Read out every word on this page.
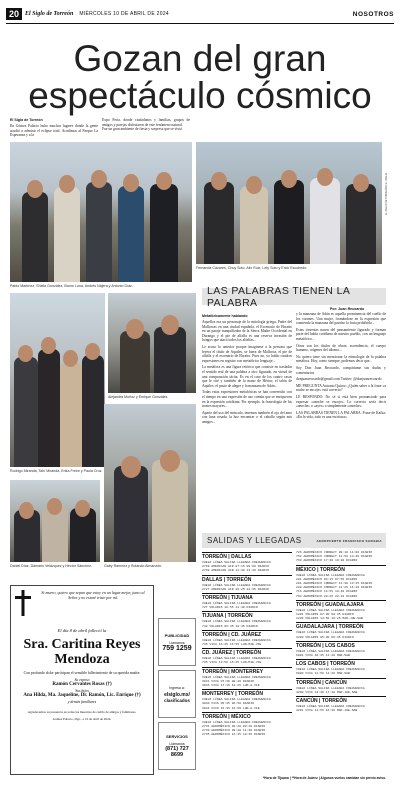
20	El Siglo de Torreón MIÉRCOLES 10 DE ABRIL DE 2024	NOSOTROS
Gozan del gran espectáculo cósmico
El Siglo de Torreón
En Gómez Palacio hubo muchos lugares donde la gente acudió a admirar el eclipse total. Acudimos al Parque La Esperanza y a la
Expo Feria, donde ciudadanos y familias, grupos de amigos y parejas disfrutaron de este fenómeno natural.
Fue un gran ambiente de fiesta y sorpresa que se vivió.
Pablo Martínez, Sheila González, Bruno Luna, Andrés Nájera y Antonio Díaz.
Fernanda Cázares, Chuy Soto, Alix Ruiz, Lety Soto y Erick Escobedo.
EL SIGLO DE TORREÓN / EL SIGLO
Rodrigo Miranda, Tahí Miranda, Erika Freire y Paola Cruz.
Alejandra Muñoz y Enrique González.
Daniel Díaz, Dámaris Velázquez y Héctor Sánchez.	Gaby Ramírez y Rolando Almanzón.
LAS PALABRAS TIENEN LA PALABRA
Por: Juan Recoardo
Metafóricamente hablando

Aquellos era un personaje de la mitología griega. Padre del Mallorcas en una ciudad española, el Escenario de Ebratto en un paraje tranquilizaba de la Sierra Madre Occidental en Durango y el pie de alfalfa es una reserva invasión de hongos que atacó todos los alfalfas...

Le acuso lo anterior porque imaginese a la persona que leyera el título de Aquiles, se fuera de Mallorca, el pie de alfalfa y el escenario de Ebratto. Pues no, yo hablo cuadros expresiones en registro con metafórico lenguaje...

La metáfora es una figura retórica que consiste en trasladar el sentido real de una palabra a otro figurado, en virtud de una comparación tácita. Es en el caso de los cuatro casos que le cité y también de la mano de Héctor, el talón de Aquiles: el pasto de alegre y la manzana de Adán...

Todas estas expresiones metafóricas se han convertido con el tiempo en una expresión de uso común que se enriquecen en la expresión cotidiana. Por ejemplo, la fraseología de los trastes mayores...

Aparte del uso del músculo, tenemos también el ojo del amo con luna rosada, la hoz encontrar o el caballo según mis amigos...

y la manzana de Adán es aquella prominencia del cuello de los varones. Una mujer, formándose en la expresión que comiendo la manzana del paraíso la fruta prohibida...

Estas travesías nacen del pensamiento figurado y forman parte del habla cotidiana de nuestro pueblo, con un lenguaje metafórico...

Otros son los títulos de obras: ascendencia, el cuerpo humano, orígenes del idioma...

No quiero irme sin mencionar la etimología de la palabra metáfora. Hoy, como siempre, podemos decir que...

Soy Don Juan Recoardo, compártame sus dudas y comentarios.

donjuanrecoardo@gmail.com Twitter: @donjuanrecoardo

ME PREGUNTA Antonio Quiroz: ¿Quién saber o la frase «a nuche se encoje» está correcto?

LE RESPONDO: No sé si está bien pronunciado para expresar «anoche se encoje». Lo correcto sería decir «anoche» o «ayer» o simplemente «anoche».

LAS PALABRAS TIENEN LA PALABRA. Frase de Kafka: «En la vida, todo es una escritura»

SALIDAS Y LLEGADAS	AEROPUERTO FRANCISCO SARABIA
TORREÓN | DALLAS
VUELO LÍNEA SALIDA LLEGADA FRECUENCIA
2769 AMERICAN AIR 07:15 09:00 DIARIO
2769 AMERICAN AIR 11:30 13:10 DIARIO
DALLAS | TORREÓN
VUELO LÍNEA SALIDA LLEGADA FRECUENCIA
2727 AMERICAN AIR 20:25 22:35 DIARIO
TORREÓN | TIJUANA
VUELO LÍNEA SALIDA LLEGADA FRECUENCIA
727 VOLARIS 10:55 11:40 DIARIO
TIJUANA | TORREÓN
VUELO LÍNEA SALIDA LLEGADA FRECUENCIA
742 VOLARIS 06:45 10:45 DIARIO
TORREÓN | CD. JUÁREZ
VUELO LÍNEA SALIDA LLEGADA FRECUENCIA
736 VIVA 16:25 16:55 LUN-MIE-VIE
CD. JUÁREZ | TORREÓN
VUELO LÍNEA SALIDA LLEGADA FRECUENCIA
735 VIVA 13:50 15:25 LUN-MIE-VIE
TORREÓN | MONTERREY
VUELO LÍNEA SALIDA LLEGADA FRECUENCIA
3041 VIVA 07:30 08:40 DIARIO
3045 VIVA 17:15 18:25 LUN-A-VIE
MONTERREY | TORREÓN
VUELO LÍNEA SALIDA LLEGADA FRECUENCIA
3040 VIVA 05:35 06:50 DIARIO
3044 VIVA 15:35 16:50 LUN-A-VIE
TORREÓN | MÉXICO
VUELO LÍNEA SALIDA LLEGADA FRECUENCIA
2731 AEROMÉXICO 06:20 08:10 DIARIO
2733 AEROMÉXICO 09:40 11:30 DIARIO
2735 AEROMÉXICO 16:45 18:35 DIARIO
726 AEROMÉXICO CONNECT 09:10 11:00 DIARIO
752 AEROMÉXICO CONNECT 12:58 14:40 DIARIO
763 AEROMÉXICO 17:30 19:20 DIARIO
MÉXICO | TORREÓN
VUELO LÍNEA SALIDA LLEGADA FRECUENCIA
281 AEROMÉXICO 06:15 07:55 DIARIO
281 AEROMÉXICO CONNECT 11:30 13:15 DIARIO
288 AEROMÉXICO CONNECT 14:25 16:10 DIARIO
716 AEROMÉXICO 16:55 18:40 DIARIO
784 AEROMÉXICO 20:25 22:10 DIARIO
TORREÓN | GUADALAJARA
VUELO LÍNEA SALIDA LLEGADA FRECUENCIA
1281 VOLARIS 07:00 08:35 DIARIO
1283 VOLARIS 14:50 16:25 MAR-JUE-SAB
GUADALAJARA | TORREÓN
VUELO LÍNEA SALIDA LLEGADA FRECUENCIA
1280 VOLARIS 05:00 06:35 DIARIO
TORREÓN | LOS CABOS
VUELO LÍNEA SALIDA LLEGADA FRECUENCIA
6081 VIVA 10:35 11:10 MAR-SAB
LOS CABOS | TORREÓN
VUELO LÍNEA SALIDA LLEGADA FRECUENCIA
6080 VIVA 11:50 14:20 MAR-SAB
TORREÓN | CANCÚN
VUELO LÍNEA SALIDA LLEGADA FRECUENCIA
4290 VIVA 13:40 17:10 MAR-JUE-SAB
CANCÚN | TORREÓN
VUELO LÍNEA SALIDA LLEGADA FRECUENCIA
4291 VIVA 14:55 16:30 MAR-JUE-SAB
*Hora de Tijuana | **Hora de Juárez | Algunos vuelos cambian sin previo aviso.
PUBLICIDAD
Llámanos
759 1259
Ingresa a:
elsiglo.mx/
clasificados
SERVICIOS
Llámanos
(871) 727 8699
Si muero, quiero que sepan que estoy en un lugar mejor, junto al Señor y no estaré triste por mí.
El día 8 de abril falleció la
Sra. Caritina Reyes Mendoza
Con profundo dolor participan el sensible fallecimiento de su querida madre.
Su esposo
Ramón Cervantes Rosas (†)
Sus hijos
Ana Hilda, Ma. Jaqueline, Dr. Ramón, Lic. Enrique (†)
y demás familiares
Agradecemos su presencia en todas las muestras de cariño de amigos y familiares.
Gómez Palacio, Dgo., a 10 de abril de 2024.
